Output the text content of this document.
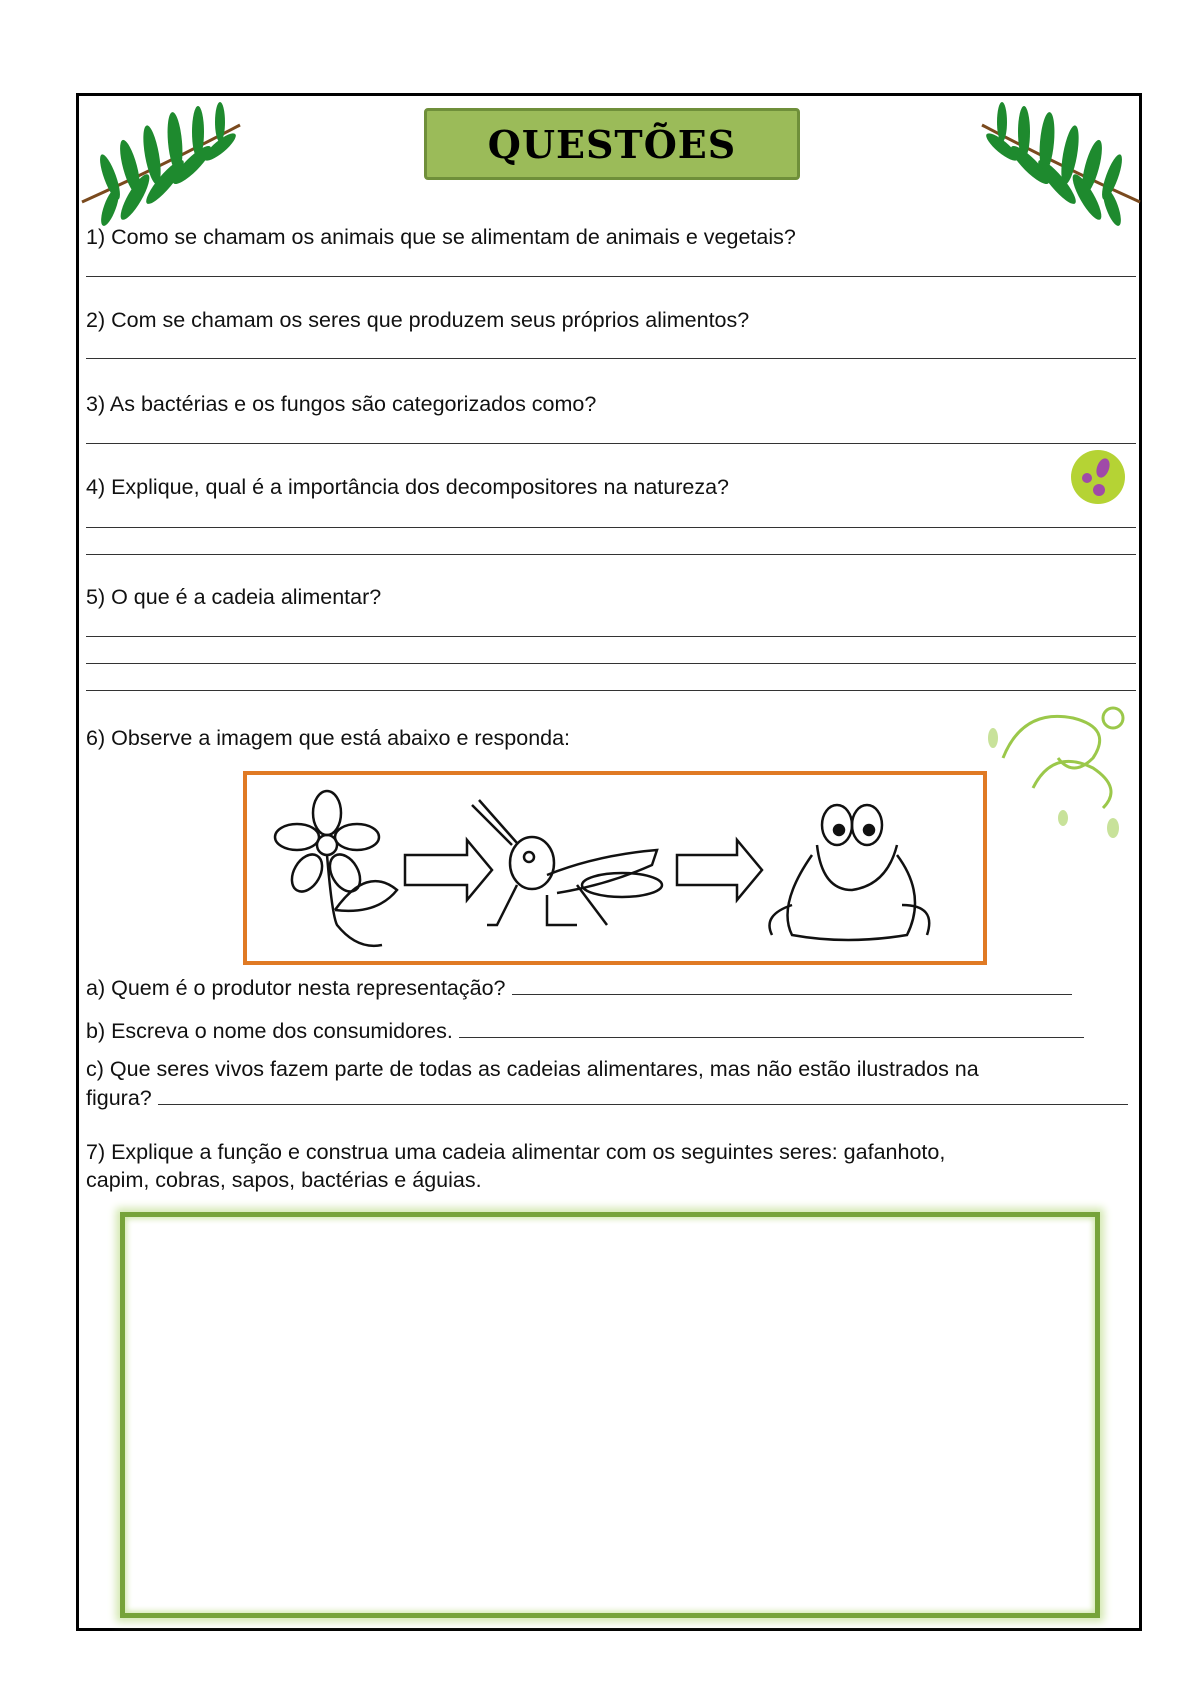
QUESTÕES
1) Como se chamam os animais que se alimentam de animais e vegetais?
2) Com se chamam os seres que produzem seus próprios alimentos?
3) As bactérias e os fungos são categorizados como?
4) Explique, qual é a importância dos decompositores na natureza?
5) O que é a cadeia alimentar?
6) Observe a imagem que está abaixo e responda:
a) Quem é o produtor nesta representação?
b) Escreva o nome dos consumidores.
c) Que seres vivos fazem parte de todas as cadeias alimentares, mas não estão ilustrados na
figura?
7) Explique a função e construa uma cadeia alimentar com os seguintes seres: gafanhoto,
capim, cobras, sapos, bactérias e águias.
